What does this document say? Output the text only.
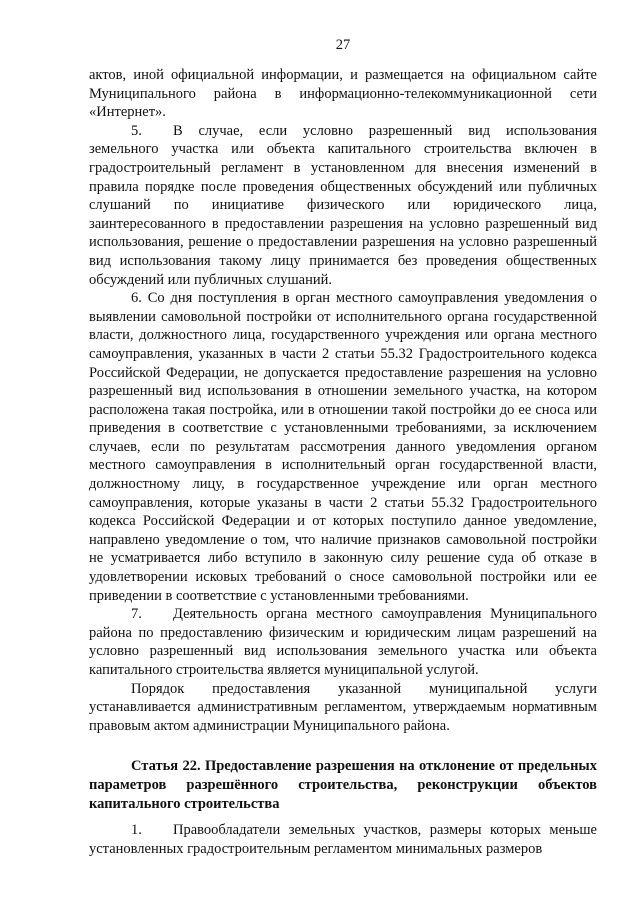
27

актов, иной официальной информации, и размещается на официальном сайте Муниципального района в информационно-телекоммуникационной сети «Интернет».

5. В случае, если условно разрешенный вид использования земельного участка или объекта капитального строительства включен в градостроительный регламент в установленном для внесения изменений в правила порядке после проведения общественных обсуждений или публичных слушаний по инициативе физического или юридического лица, заинтересованного в предоставлении разрешения на условно разрешенный вид использования, решение о предоставлении разрешения на условно разрешенный вид использования такому лицу принимается без проведения общественных обсуждений или публичных слушаний.

6. Со дня поступления в орган местного самоуправления уведомления о выявлении самовольной постройки от исполнительного органа государственной власти, должностного лица, государственного учреждения или органа местного самоуправления, указанных в части 2 статьи 55.32 Градостроительного кодекса Российской Федерации, не допускается предоставление разрешения на условно разрешенный вид использования в отношении земельного участка, на котором расположена такая постройка, или в отношении такой постройки до ее сноса или приведения в соответствие с установленными требованиями, за исключением случаев, если по результатам рассмотрения данного уведомления органом местного самоуправления в исполнительный орган государственной власти, должностному лицу, в государственное учреждение или орган местного самоуправления, которые указаны в части 2 статьи 55.32 Градостроительного кодекса Российской Федерации и от которых поступило данное уведомление, направлено уведомление о том, что наличие признаков самовольной постройки не усматривается либо вступило в законную силу решение суда об отказе в удовлетворении исковых требований о сносе самовольной постройки или ее приведении в соответствие с установленными требованиями.

7. Деятельность органа местного самоуправления Муниципального района по предоставлению физическим и юридическим лицам разрешений на условно разрешенный вид использования земельного участка или объекта капитального строительства является муниципальной услугой.

Порядок предоставления указанной муниципальной услуги устанавливается административным регламентом, утверждаемым нормативным правовым актом администрации Муниципального района.

Статья 22. Предоставление разрешения на отклонение от предельных параметров разрешённого строительства, реконструкции объектов капитального строительства

1. Правообладатели земельных участков, размеры которых меньше установленных градостроительным регламентом минимальных размеров
